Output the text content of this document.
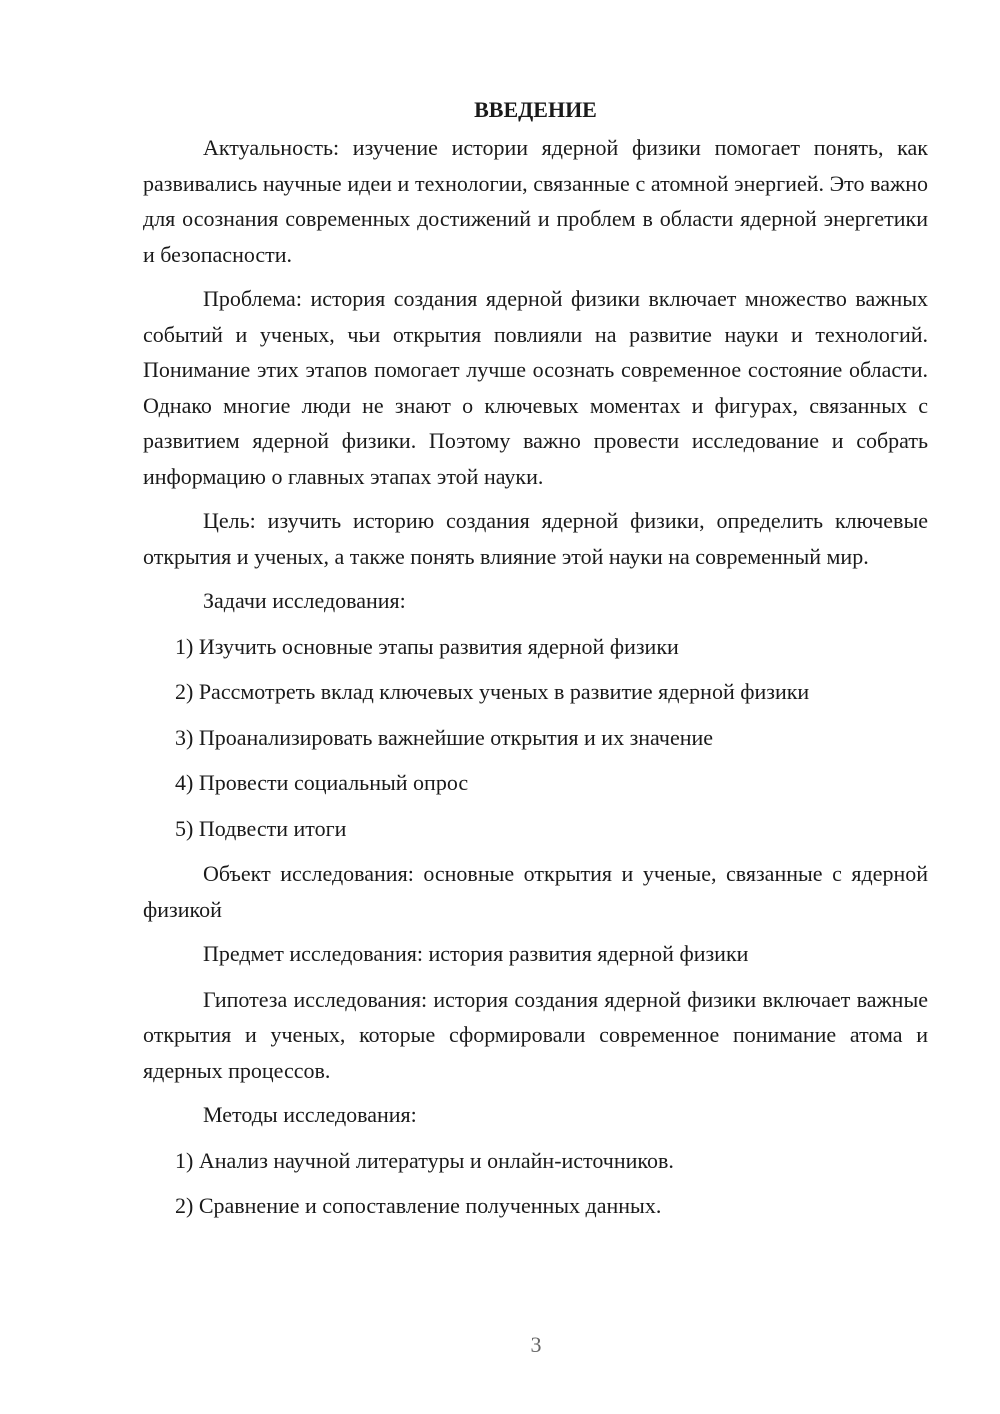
ВВЕДЕНИЕ

Актуальность: изучение истории ядерной физики помогает понять, как развивались научные идеи и технологии, связанные с атомной энергией. Это важно для осознания современных достижений и проблем в области ядерной энергетики и безопасности.

Проблема: история создания ядерной физики включает множество важных событий и ученых, чьи открытия повлияли на развитие науки и технологий. Понимание этих этапов помогает лучше осознать современное состояние области. Однако многие люди не знают о ключевых моментах и фигурах, связанных с развитием ядерной физики. Поэтому важно провести исследование и собрать информацию о главных этапах этой науки.

Цель: изучить историю создания ядерной физики, определить ключевые открытия и ученых, а также понять влияние этой науки на современный мир.

Задачи исследования:

1) Изучить основные этапы развития ядерной физики
2) Рассмотреть вклад ключевых ученых в развитие ядерной физики
3) Проанализировать важнейшие открытия и их значение
4) Провести социальный опрос
5) Подвести итоги

Объект исследования: основные открытия и ученые, связанные с ядерной физикой

Предмет исследования: история развития ядерной физики

Гипотеза исследования: история создания ядерной физики включает важные открытия и ученых, которые сформировали современное понимание атома и ядерных процессов.

Методы исследования:

1) Анализ научной литературы и онлайн-источников.
2) Сравнение и сопоставление полученных данных.
3
